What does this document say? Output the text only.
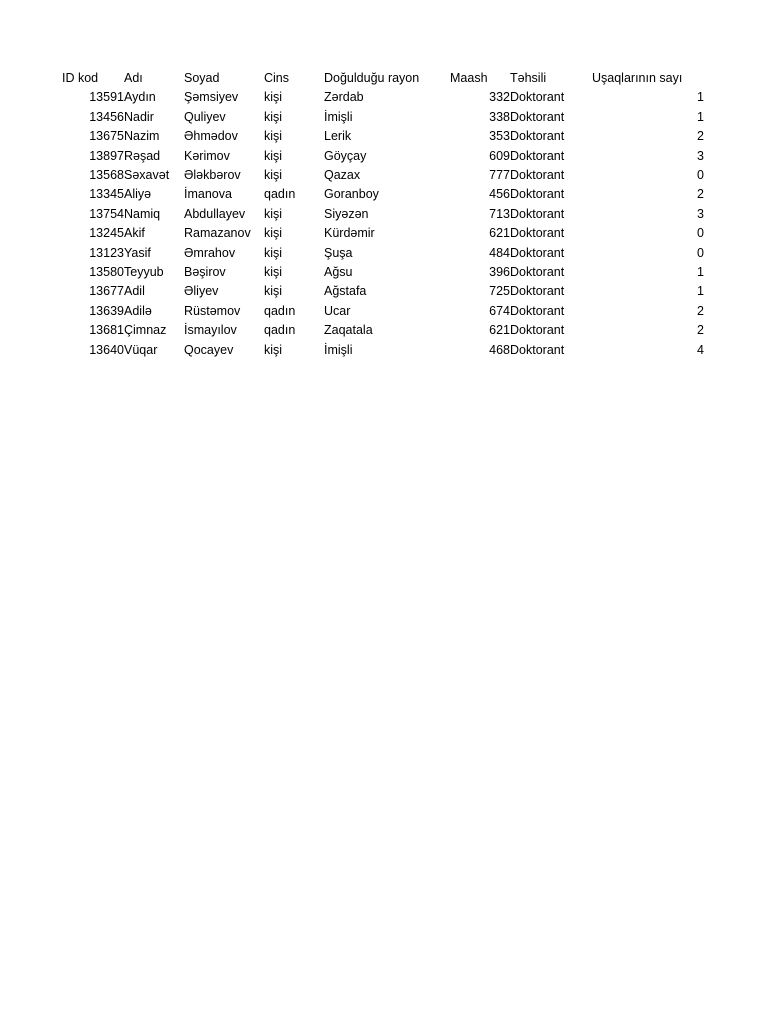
ID kod	Adı	Soyad	Cins	Doğulduğu rayon	Maash	Təhsili	Uşaqlarının sayı
13591	Aydın	Şəmsiyev	kişi	Zərdab	332	Doktorant	1
13456	Nadir	Quliyev	kişi	İmişli	338	Doktorant	1
13675	Nazim	Əhmədov	kişi	Lerik	353	Doktorant	2
13897	Rəşad	Kərimov	kişi	Göyçay	609	Doktorant	3
13568	Səxavət	Ələkbərov	kişi	Qazax	777	Doktorant	0
13345	Aliyə	İmanova	qadın	Goranboy	456	Doktorant	2
13754	Namiq	Abdullayev	kişi	Siyəzən	713	Doktorant	3
13245	Akif	Ramazanov	kişi	Kürdəmir	621	Doktorant	0
13123	Yasif	Əmrahov	kişi	Şuşa	484	Doktorant	0
13580	Teyyub	Bəşirov	kişi	Ağsu	396	Doktorant	1
13677	Adil	Əliyev	kişi	Ağstafa	725	Doktorant	1
13639	Adilə	Rüstəmov	qadın	Ucar	674	Doktorant	2
13681	Çimnaz	İsmayılov	qadın	Zaqatala	621	Doktorant	2
13640	Vüqar	Qocayev	kişi	İmişli	468	Doktorant	4
